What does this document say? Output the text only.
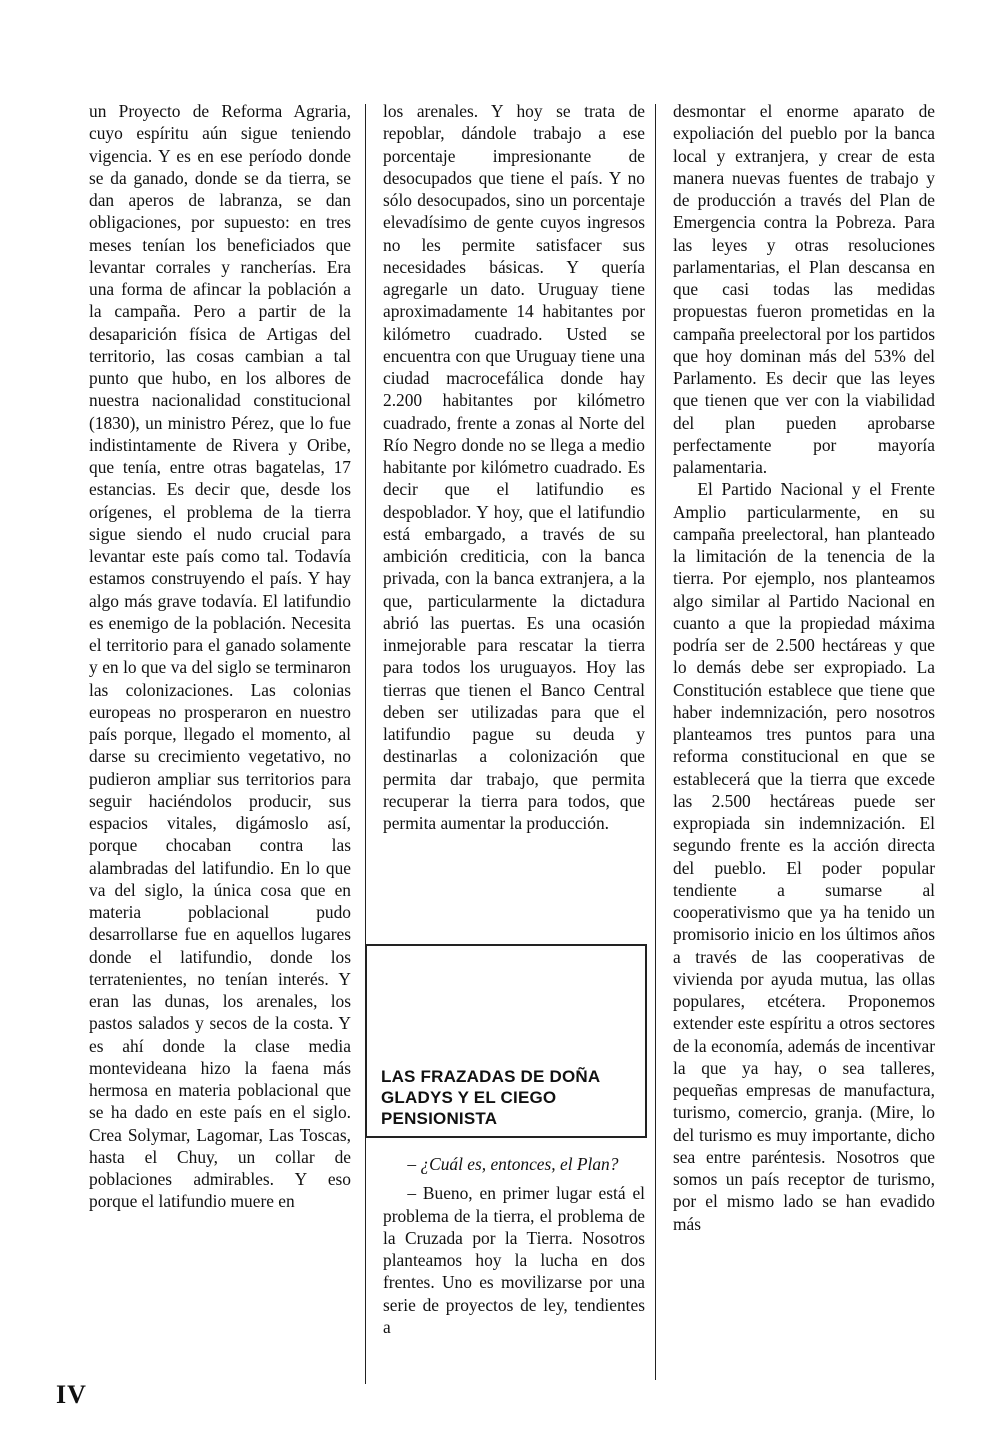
un Proyecto de Reforma Agraria, cuyo espíritu aún sigue teniendo vigencia. Y es en ese período donde se da ganado, donde se da tierra, se dan aperos de labranza, se dan obligaciones, por supuesto: en tres meses tenían los beneficiados que levantar corrales y rancherías. Era una forma de afincar la población a la campaña. Pero a partir de la desaparición física de Artigas del territorio, las cosas cambian a tal punto que hubo, en los albores de nuestra nacionalidad constitucional (1830), un ministro Pérez, que lo fue indistintamente de Rivera y Oribe, que tenía, entre otras bagatelas, 17 estancias. Es decir que, desde los orígenes, el problema de la tierra sigue siendo el nudo crucial para levantar este país como tal. Todavía estamos construyendo el país. Y hay algo más grave todavía. El latifundio es enemigo de la población. Necesita el territorio para el ganado solamente y en lo que va del siglo se terminaron las colonizaciones. Las colonias europeas no prosperaron en nuestro país porque, llegado el momento, al darse su crecimiento vegetativo, no pudieron ampliar sus territorios para seguir haciéndolos producir, sus espacios vitales, digámoslo así, porque chocaban contra las alambradas del latifundio. En lo que va del siglo, la única cosa que en materia poblacional pudo desarrollarse fue en aquellos lugares donde el latifundio, donde los terratenientes, no tenían interés. Y eran las dunas, los arenales, los pastos salados y secos de la costa. Y es ahí donde la clase media montevideana hizo la faena más hermosa en materia poblacional que se ha dado en este país en el siglo. Crea Solymar, Lagomar, Las Toscas, hasta el Chuy, un collar de poblaciones admirables. Y eso porque el latifundio muere en

los arenales. Y hoy se trata de repoblar, dándole trabajo a ese porcentaje impresionante de desocupados que tiene el país. Y no sólo desocupados, sino un porcentaje elevadísimo de gente cuyos ingresos no les permite satisfacer sus necesidades básicas. Y quería agregarle un dato. Uruguay tiene aproximadamente 14 habitantes por kilómetro cuadrado. Usted se encuentra con que Uruguay tiene una ciudad macrocefálica donde hay 2.200 habitantes por kilómetro cuadrado, frente a zonas al Norte del Río Negro donde no se llega a medio habitante por kilómetro cuadrado. Es decir que el latifundio es despoblador. Y hoy, que el latifundio está embargado, a través de su ambición crediticia, con la banca privada, con la banca extranjera, a la que, particularmente la dictadura abrió las puertas. Es una ocasión inmejorable para rescatar la tierra para todos los uruguayos. Hoy las tierras que tienen el Banco Central deben ser utilizadas para que el latifundio pague su deuda y destinarlas a colonización que permita dar trabajo, que permita recuperar la tierra para todos, que permita aumentar la producción.

LAS FRAZADAS DE DOÑA GLADYS Y EL CIEGO PENSIONISTA

– ¿Cuál es, entonces, el Plan?

– Bueno, en primer lugar está el problema de la tierra, el problema de la Cruzada por la Tierra. Nosotros planteamos hoy la lucha en dos frentes. Uno es movilizarse por una serie de proyectos de ley, tendientes a

desmontar el enorme aparato de expoliación del pueblo por la banca local y extranjera, y crear de esta manera nuevas fuentes de trabajo y de producción a través del Plan de Emergencia contra la Pobreza. Para las leyes y otras resoluciones parlamentarias, el Plan descansa en que casi todas las medidas propuestas fueron prometidas en la campaña preelectoral por los partidos que hoy dominan más del 53% del Parlamento. Es decir que las leyes que tienen que ver con la viabilidad del plan pueden aprobarse perfectamente por mayoría palamentaria.

El Partido Nacional y el Frente Amplio particularmente, en su campaña preelectoral, han planteado la limitación de la tenencia de la tierra. Por ejemplo, nos planteamos algo similar al Partido Nacional en cuanto a que la propiedad máxima podría ser de 2.500 hectáreas y que lo demás debe ser expropiado. La Constitución establece que tiene que haber indemnización, pero nosotros planteamos tres puntos para una reforma constitucional en que se establecerá que la tierra que excede las 2.500 hectáreas puede ser expropiada sin indemnización. El segundo frente es la acción directa del pueblo. El poder popular tendiente a sumarse al cooperativismo que ya ha tenido un promisorio inicio en los últimos años a través de las cooperativas de vivienda por ayuda mutua, las ollas populares, etcétera. Proponemos extender este espíritu a otros sectores de la economía, además de incentivar la que ya hay, o sea talleres, pequeñas empresas de manufactura, turismo, comercio, granja. (Mire, lo del turismo es muy importante, dicho sea entre paréntesis. Nosotros que somos un país receptor de turismo, por el mismo lado se han evadido más

IV
